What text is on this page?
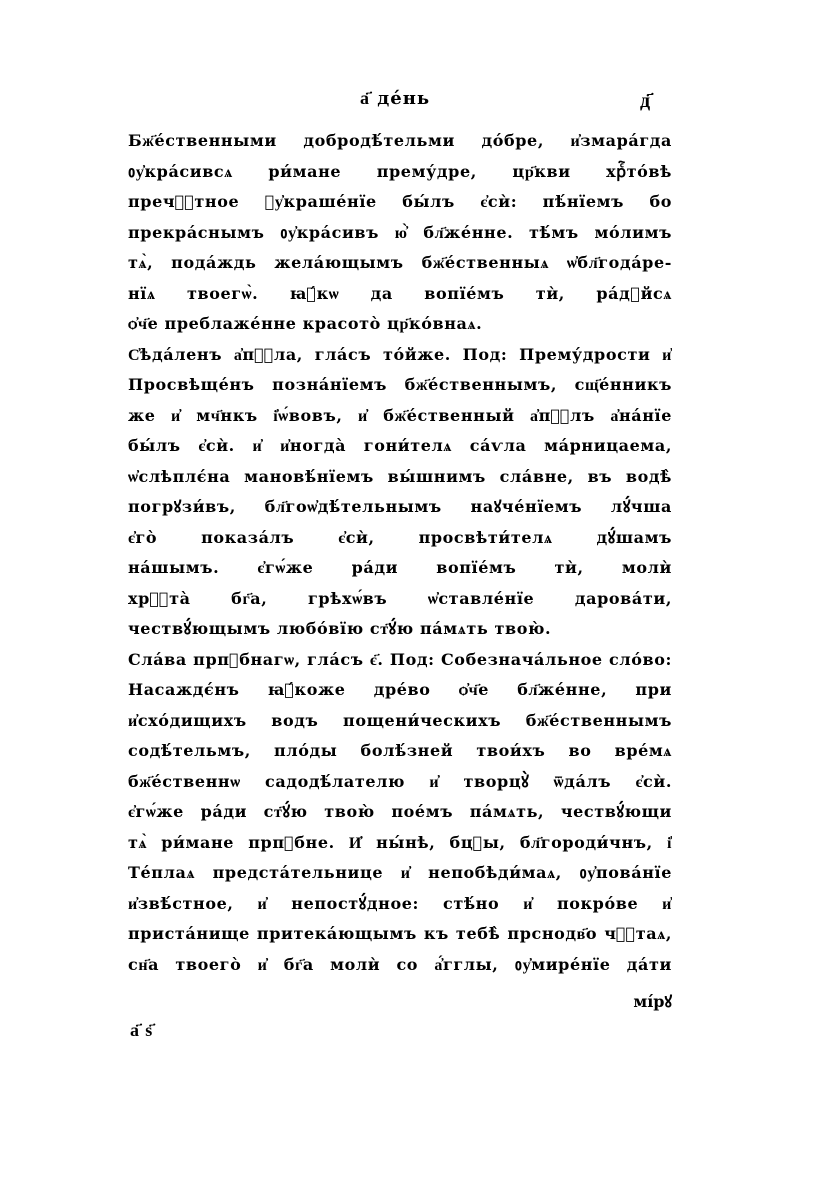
а҃ де́нь	д҃
Бж҃е́ственными добродѣ́тельми до́бре, и҆змара́гда
ᲂу҆кра́сивсѧ ри́мане прему́дре, цр҃кви хрⷭ҇то́вѣ
пречⷭ҇тное ᲂу҆краше́нїе бы́лъ є҆сѝ: пѣ́нїемъ бо
прекра́снымъ ᲂу҆кра́сивъ ю҆̀ бл҃же́нне. тѣ́мъ мо́лимъ
тѧ̀, пода́ждь жела́ющымъ бж҃е́ственныѧ ѡ҆бл҃года́ре-
нїѧ твоегѡ̀. ꙗ҆́кѡ да вопїе́мъ тѝ, ра́дꙋйсѧ
ѻ҆ч҃е преблаже́нне красото̀ цр҃ко́внаѧ.
С҆ѣда́ленъ а҆пⷭ҇ла, гла́съ то́йже. Под: Прему́дрости и҆
Просвѣще́нъ позна́нїемъ бж҃е́ственнымъ, сщ҃е́нникъ
же и҆ мч҃нкъ і҆ѡ́вовъ, и҆ бж҃е́ственный а҆пⷭ҇лъ а҆на́нїе
бы́лъ є҆сѝ. и҆ и҆ногда̀ гони́телѧ са́ѵла ма́рницаема,
ѡ҆слѣплє́на мановѣ́нїемъ вы́шнимъ сла́вне, въ водѣ̀
погрꙋзи́въ, бл҃гоѡ҆дѣ́тельнымъ наꙋче́нїемъ лꙋ́чша
є҆го̀ показа́лъ є҆сѝ, просвѣти́телѧ дꙋ́шамъ
на́шымъ. є҆гѡ́же ра́ди вопїе́мъ тѝ, молѝ
хрⷭ҇та̀ бг҃а, грѣхѡ́въ ѡ҆ставле́нїе дарова́ти,
чествꙋ́ющымъ любо́вїю ст҃ꙋ́ю па́мѧть твою̀.
Сла́ва прпⷣбнагѡ, гла́съ є҃. Под: Собезнача́льное сло́во:
Насаждє́нъ ꙗ҆́коже дре́во ѻ҆ч҃е бл҃же́нне, при
и҆схо́дищихъ водъ пощени́ческихъ бж҃е́ственнымъ
содѣ́тельмъ, пло́ды болѣ́зней твои́хъ во вре́мѧ
бж҃е́ственнѡ садодѣ́лателю и҆ творцꙋ̀ ѿда́лъ є҆сѝ.
є҆гѡ́же ра́ди ст҃ꙋ́ю твою̀ пое́мъ па́мѧть, чествꙋ́ющи
тѧ̀ ри́мане прпⷣбне. И҆ ны́нѣ, бцⷣы, бл҃городи́чнъ, і҆
Те́плаѧ предста́тельнице и҆ непобѣди́маѧ, ᲂу҆пова́нїе
и҆звѣ́стное, и҆ непостꙋ́дное: стѣ́но и҆ покро́ве и҆
приста́нище притека́ющымъ къ тебѣ̀ прснодв҃о чⷭ҇таѧ,
сн҃а твоего̀ и҆ бг҃а молѝ со а҆́гглы, ᲂу҆мире́нїе да́ти
мі́рꙋ
а҃ ѕ҃
